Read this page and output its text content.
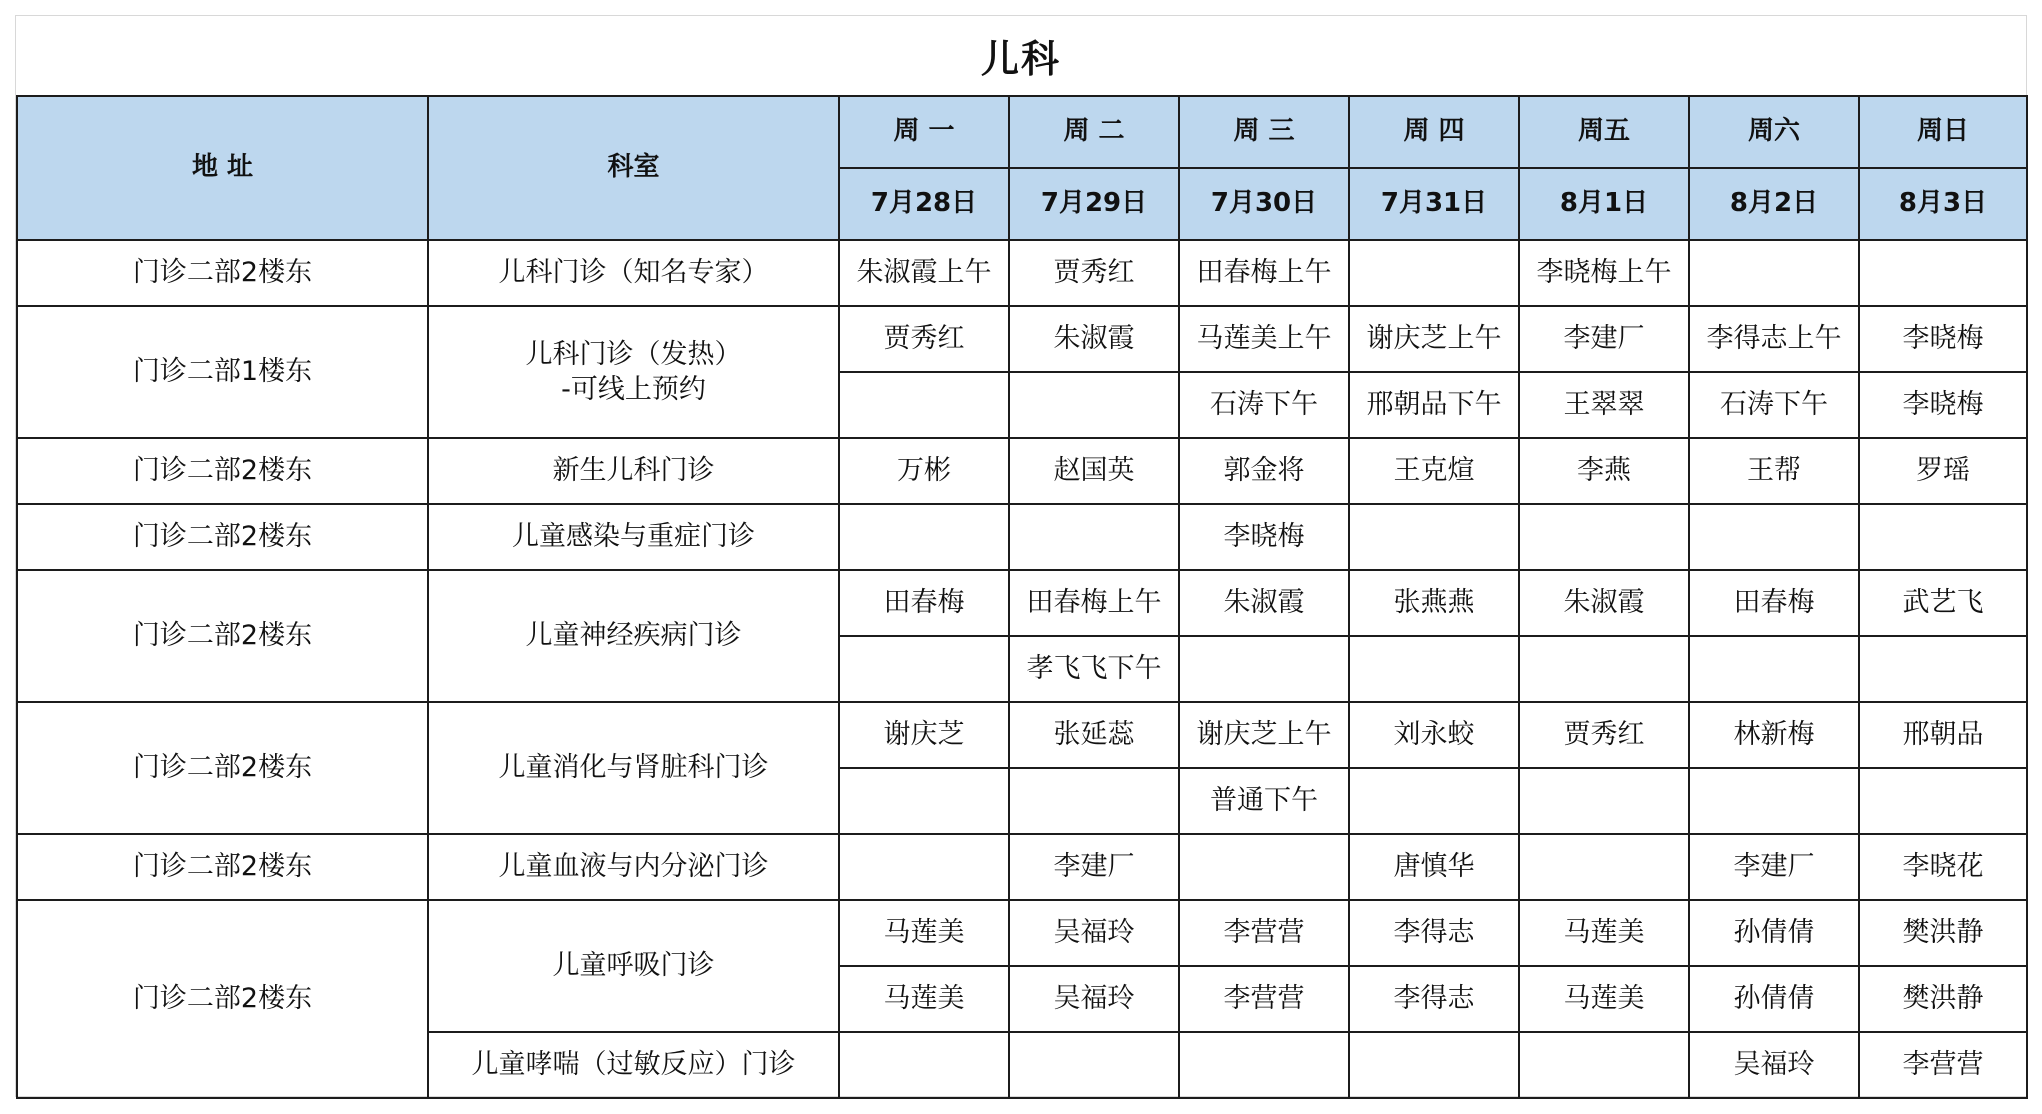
儿科
地 址	科室	周 一	周 二	周 三	周 四	周五	周六	周日
		7月28日	7月29日	7月30日	7月31日	8月1日	8月2日	8月3日
门诊二部2楼东	儿科门诊（知名专家）	朱淑霞上午	贾秀红	田春梅上午		李晓梅上午		
门诊二部1楼东	儿科门诊（发热）
-可线上预约	贾秀红	朱淑霞	马莲美上午	谢庆芝上午	李建厂	李得志上午	李晓梅
				石涛下午	邢朝品下午	王翠翠	石涛下午	李晓梅
门诊二部2楼东	新生儿科门诊	万彬	赵国英	郭金将	王克煊	李燕	王帮	罗瑶
门诊二部2楼东	儿童感染与重症门诊			李晓梅				
门诊二部2楼东	儿童神经疾病门诊	田春梅	田春梅上午	朱淑霞	张燕燕	朱淑霞	田春梅	武艺飞
			孝飞飞下午					
门诊二部2楼东	儿童消化与肾脏科门诊	谢庆芝	张延蕊	谢庆芝上午	刘永蛟	贾秀红	林新梅	邢朝品
				普通下午				
门诊二部2楼东	儿童血液与内分泌门诊		李建厂		唐慎华		李建厂	李晓花
门诊二部2楼东	儿童呼吸门诊	马莲美	吴福玲	李营营	李得志	马莲美	孙倩倩	樊洪静
		马莲美	吴福玲	李营营	李得志	马莲美	孙倩倩	樊洪静
	儿童哮喘（过敏反应）门诊						吴福玲	李营营
